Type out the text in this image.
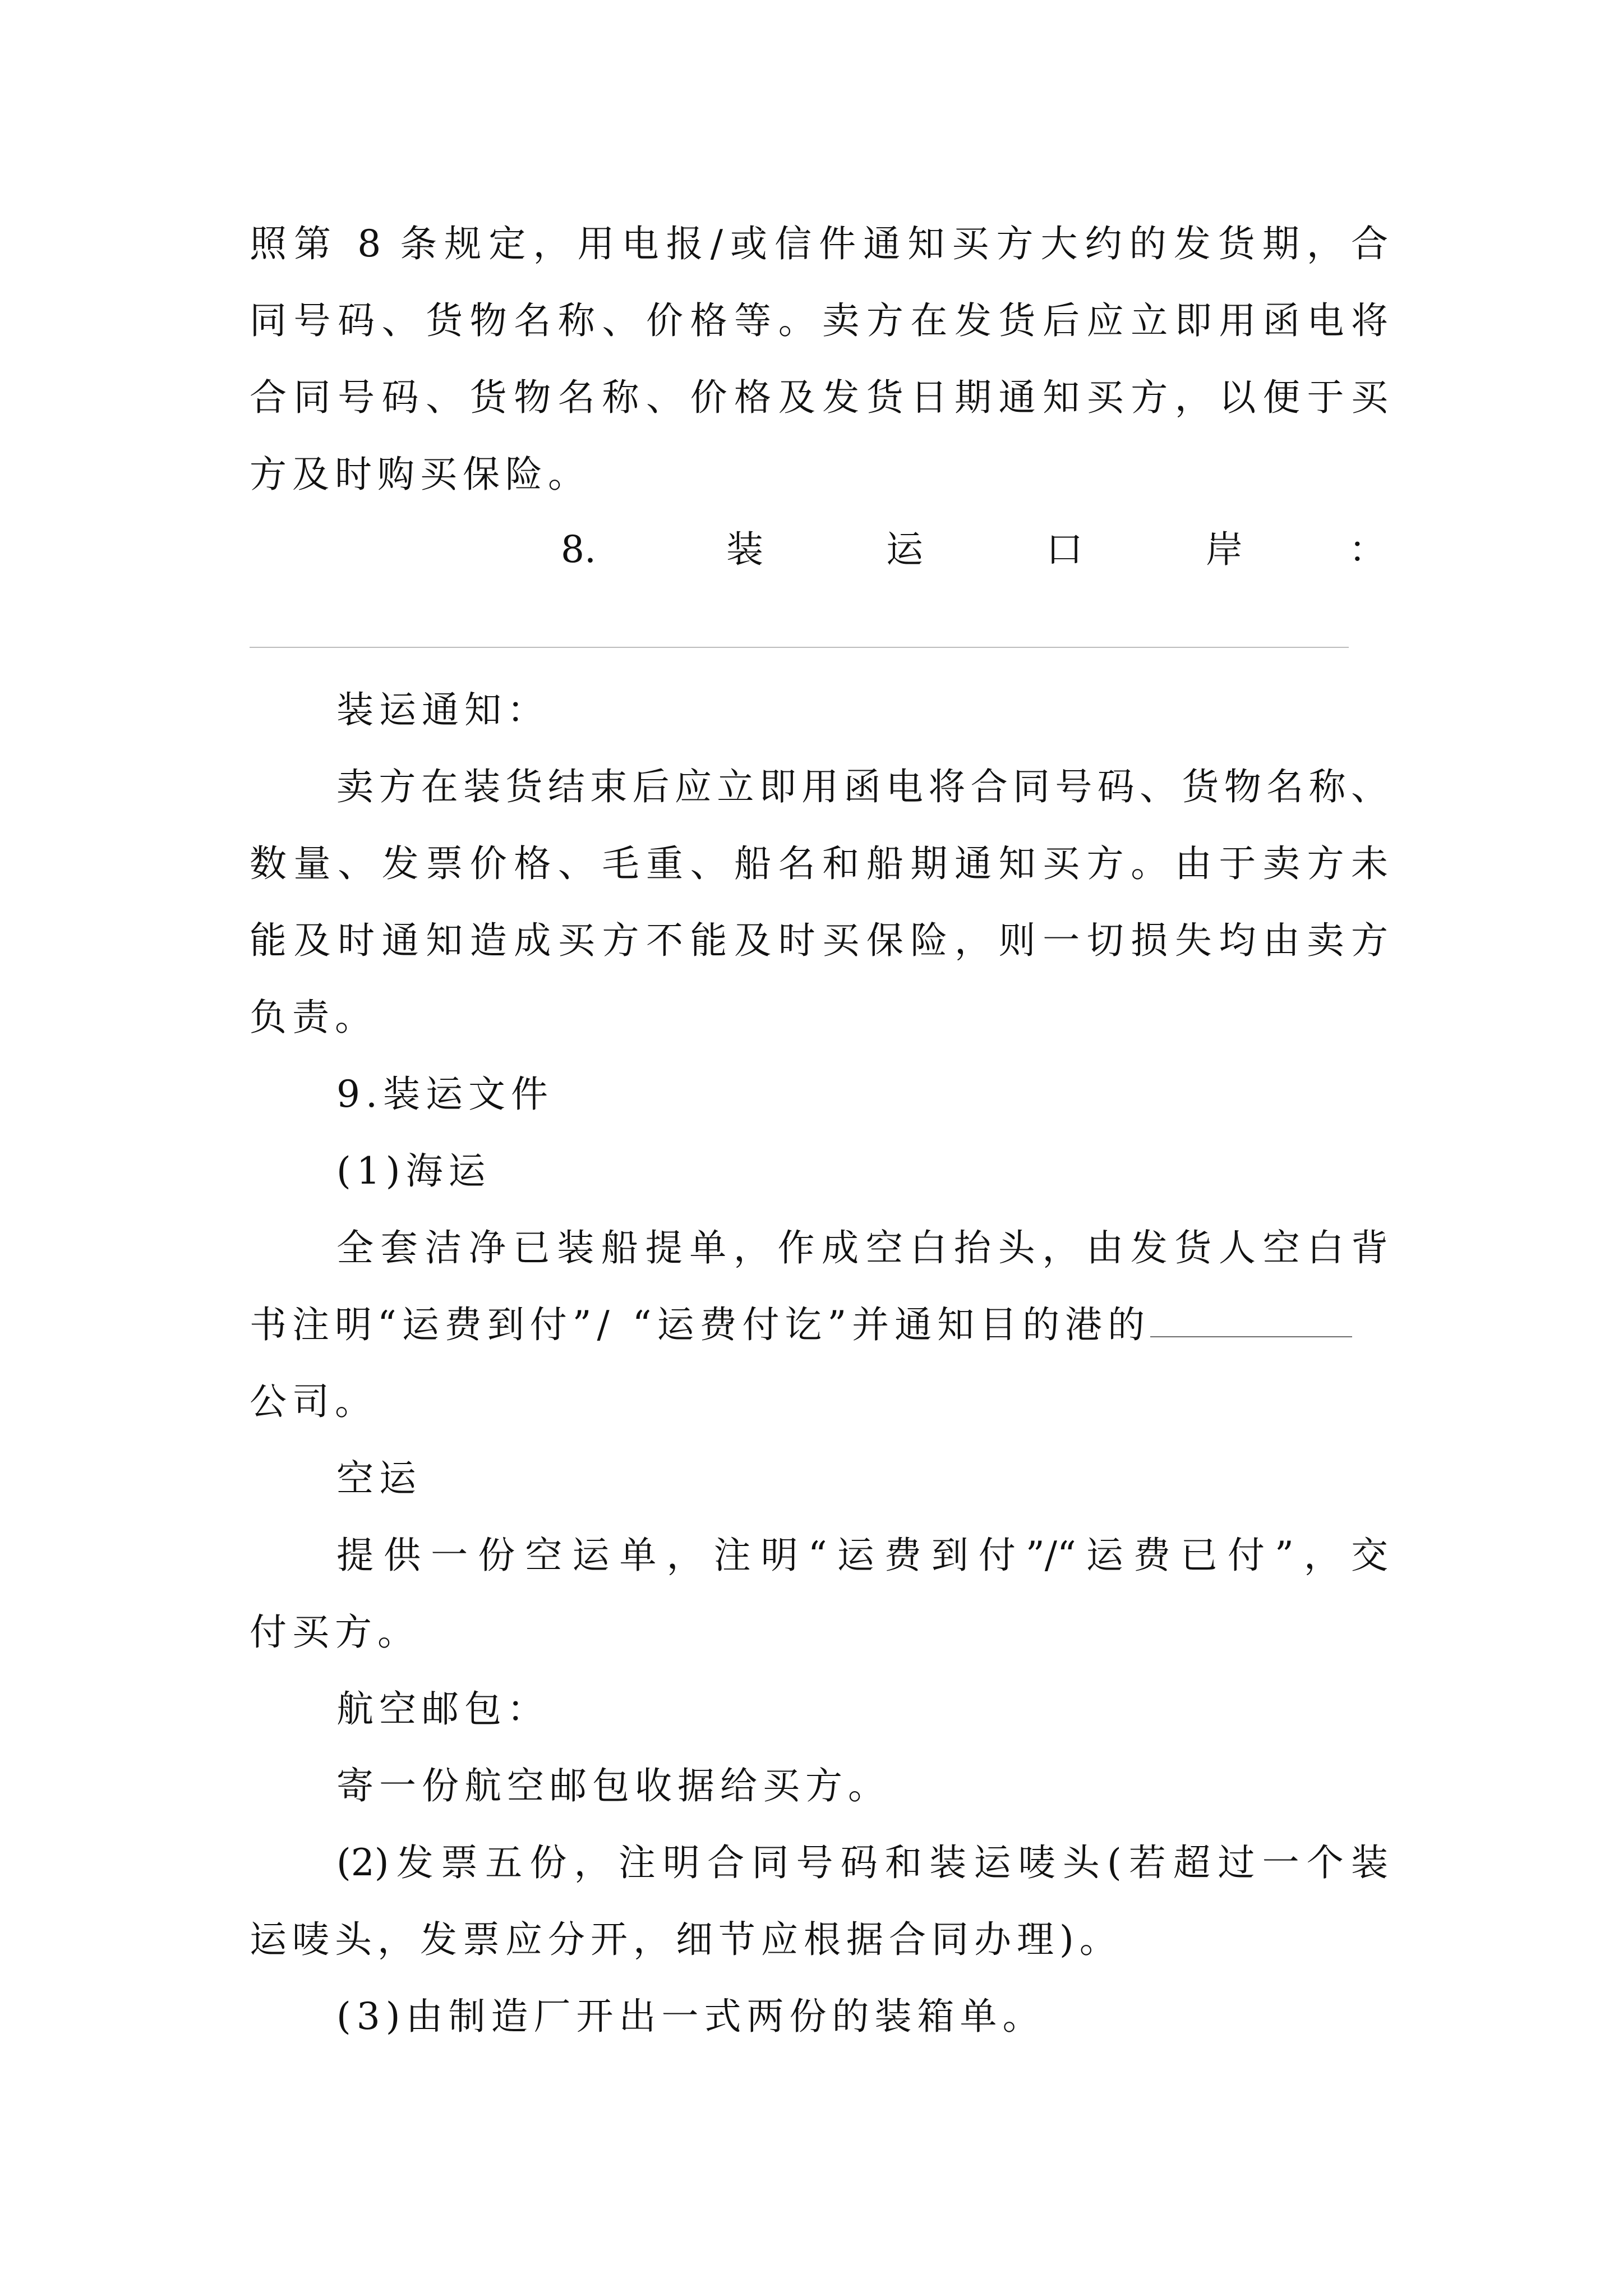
照第 8 条规定，用电报/或信件通知买方大约的发货期，合
同号码、货物名称、价格等。卖方在发货后应立即用函电将
合同号码、货物名称、价格及发货日期通知买方，以便于买
方及时购买保险。
8.	装	运	口	岸	：
装运通知：
卖方在装货结束后应立即用函电将合同号码、货物名称、
数量、发票价格、毛重、船名和船期通知买方。由于卖方未
能及时通知造成买方不能及时买保险，则一切损失均由卖方
负责。
9.装运文件
(1)海运
全套洁净已装船提单，作成空白抬头，由发货人空白背
书注明“运费到付”/ “运费付讫”并通知目的港的
公司。
空运
提供一份空运单，注明“运费到付”/“运费已付”，交
付买方。
航空邮包：
寄一份航空邮包收据给买方。
(2)发票五份，注明合同号码和装运唛头(若超过一个装
运唛头，发票应分开，细节应根据合同办理)。
(3)由制造厂开出一式两份的装箱单。
